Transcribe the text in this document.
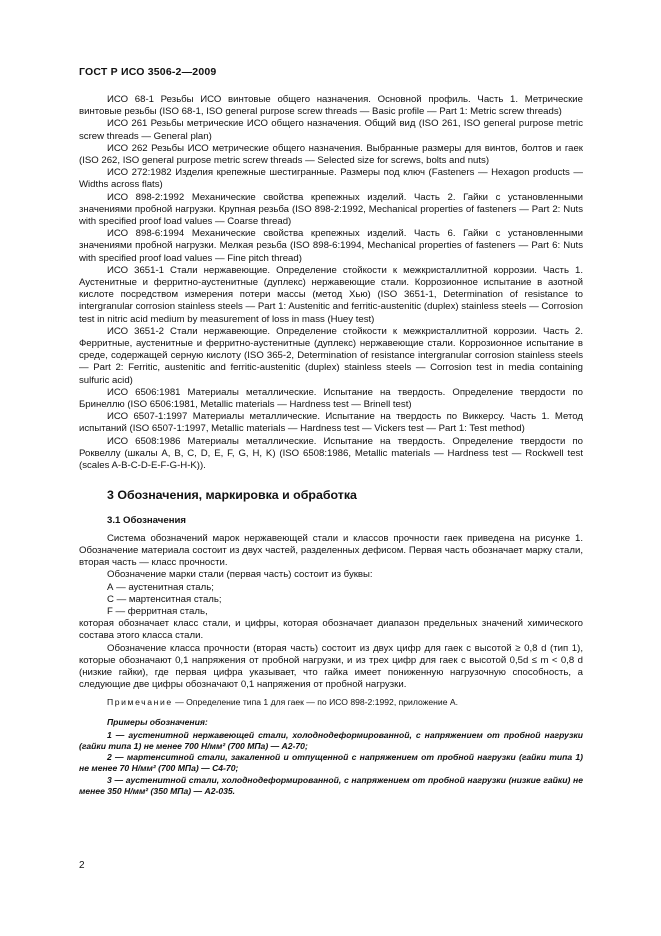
ГОСТ Р ИСО 3506-2—2009

ИСО 68-1 Резьбы ИСО винтовые общего назначения. Основной профиль. Часть 1. Метрические винтовые резьбы (ISO 68-1, ISO general purpose screw threads — Basic profile — Part 1: Metric screw threads)

ИСО 261 Резьбы метрические ИСО общего назначения. Общий вид (ISO 261, ISO general purpose metric screw threads — General plan)

ИСО 262 Резьбы ИСО метрические общего назначения. Выбранные размеры для винтов, болтов и гаек (ISO 262, ISO general purpose metric screw threads — Selected size for screws, bolts and nuts)

ИСО 272:1982 Изделия крепежные шестигранные. Размеры под ключ (Fasteners — Hexagon products — Widths across flats)

ИСО 898-2:1992 Механические свойства крепежных изделий. Часть 2. Гайки с установленными значениями пробной нагрузки. Крупная резьба (ISO 898-2:1992, Mechanical properties of fasteners — Part 2: Nuts with specified proof load values — Coarse thread)

ИСО 898-6:1994 Механические свойства крепежных изделий. Часть 6. Гайки с установленными значениями пробной нагрузки. Мелкая резьба (ISO 898-6:1994, Mechanical properties of fasteners — Part 6: Nuts with specified proof load values — Fine pitch thread)

ИСО 3651-1 Стали нержавеющие. Определение стойкости к межкристаллитной коррозии. Часть 1. Аустенитные и ферритно-аустенитные (дуплекс) нержавеющие стали. Коррозионное испытание в азотной кислоте посредством измерения потери массы (метод Хью) (ISO 3651-1, Determination of resistance to intergranular corrosion stainless steels — Part 1: Austenitic and ferritic-austenitic (duplex) stainless steels — Corrosion test in nitric acid medium by measurement of loss in mass (Huey test)

ИСО 3651-2 Стали нержавеющие. Определение стойкости к межкристаллитной коррозии. Часть 2. Ферритные, аустенитные и ферритно-аустенитные (дуплекс) нержавеющие стали. Коррозионное испытание в среде, содержащей серную кислоту (ISO 365-2, Determination of resistance intergranular corrosion stainless steels — Part 2: Ferritic, austenitic and ferritic-austenitic (duplex) stainless steels — Corrosion test in media containing sulfuric acid)

ИСО 6506:1981 Материалы металлические. Испытание на твердость. Определение твердости по Бринеллю (ISO 6506:1981, Metallic materials — Hardness test — Brinell test)

ИСО 6507-1:1997 Материалы металлические. Испытание на твердость по Виккерсу. Часть 1. Метод испытаний (ISO 6507-1:1997, Metallic materials — Hardness test — Vickers test — Part 1: Test method)

ИСО 6508:1986 Материалы металлические. Испытание на твердость. Определение твердости по Роквеллу (шкалы A, B, C, D, E, F, G, H, K) (ISO 6508:1986, Metallic materials — Hardness test — Rockwell test (scales A-B-C-D-E-F-G-H-K)).

3 Обозначения, маркировка и обработка

3.1 Обозначения

Система обозначений марок нержавеющей стали и классов прочности гаек приведена на рисунке 1. Обозначение материала состоит из двух частей, разделенных дефисом. Первая часть обозначает марку стали, вторая часть — класс прочности.

Обозначение марки стали (первая часть) состоит из буквы:

А — аустенитная сталь;

С — мартенситная сталь;

F — ферритная сталь,

которая обозначает класс стали, и цифры, которая обозначает диапазон предельных значений химического состава этого класса стали.

Обозначение класса прочности (вторая часть) состоит из двух цифр для гаек с высотой ≥ 0,8 d (тип 1), которые обозначают 0,1 напряжения от пробной нагрузки, и из трех цифр для гаек с высотой 0,5d ≤ m < 0,8 d (низкие гайки), где первая цифра указывает, что гайка имеет пониженную нагрузочную способность, а следующие две цифры обозначают 0,1 напряжения от пробной нагрузки.

Примечание — Определение типа 1 для гаек — по ИСО 898-2:1992, приложение А.

Примеры обозначения:

1 — аустенитной нержавеющей стали, холоднодеформированной, с напряжением от пробной нагрузки (гайки типа 1) не менее 700 Н/мм² (700 МПа) — A2-70;

2 — мартенситной стали, закаленной и отпущенной с напряжением от пробной нагрузки (гайки типа 1) не менее 70 Н/мм² (700 МПа) — C4-70;

3 — аустенитной стали, холоднодеформированной, с напряжением от пробной нагрузки (низкие гайки) не менее 350 Н/мм² (350 МПа) — A2-035.

2
